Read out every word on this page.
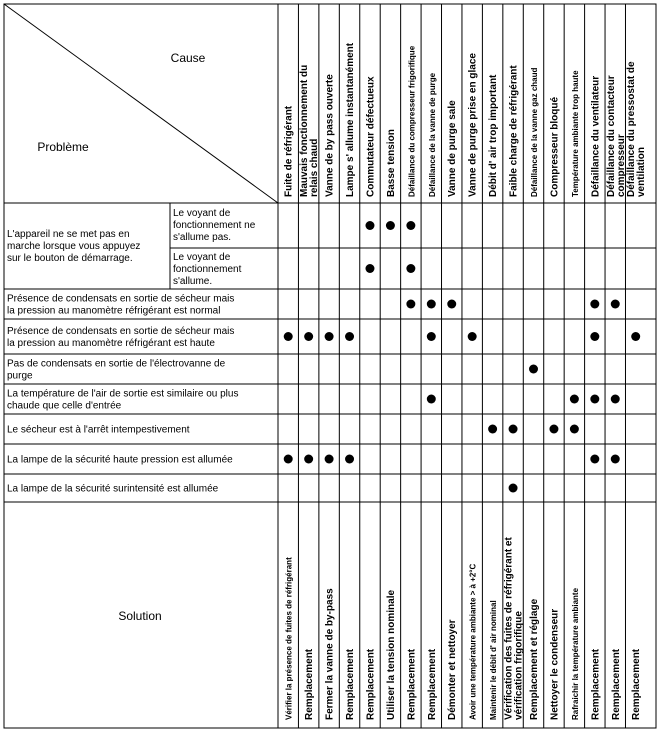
Cause
Problème	Fuite de réfrigérant Mauvais fonctionnement durelais chaud Vanne de by pass ouverte Lampe s' allume instantanément Commutateur défectueux Basse tension Défaillance du compresseur frigorifique Défaillance de la vanne de purge Vanne de purge sale Vanne de purge prise en glace Débit d' air trop important Faible charge de réfrigérant Défaillance de la vanne gaz chaud Compresseur bloqué Température ambiante trop haute Défaillance du ventilateur Défaillance du contacteurcompresseur Défaillance du pressostat deventilation
L'appareil ne se met pas en marche lorsque vous appuyez sur le bouton de démarrage.
Le voyant de fonctionnement ne s'allume pas.
Le voyant de fonctionnement s'allume.
Présence de condensats en sortie de sécheur mais la pression au manomètre réfrigérant est normal
Présence de condensats en sortie de sécheur mais la pression au manomètre réfrigérant est haute
Pas de condensats en sortie de l'électrovanne de purge
La température de l'air de sortie est similaire ou plus chaude que celle d'entrée
Le sécheur est à l'arrêt intempestivement
La lampe de la sécurité haute pression est allumée
La lampe de la sécurité surintensité est allumée
Solution	Vérifier la présence de fuites de réfrigérant Remplacement Fermer la vanne de by-pass Remplacement Remplacement Utiliser la tension nominale Remplacement Remplacement Démonter et nettoyer Avoir une température ambiante > à +2°C Maintenir le débit d' air nominal Vérification des fuites de réfrigérant etvérification frigorifique Remplacement et réglage Nettoyer le condenseur Rafraichir la température ambiante Remplacement Remplacement Remplacement
